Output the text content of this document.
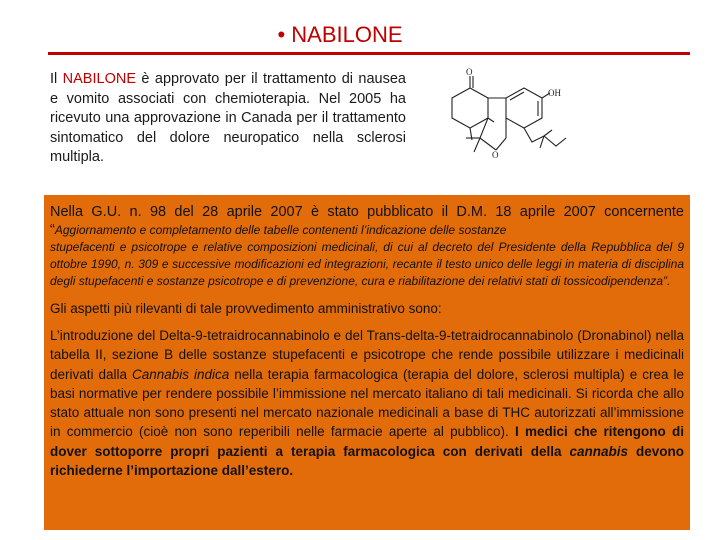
• NABILONE
Il NABILONE è approvato per il trattamento di nausea e vomito associati con chemioterapia. Nel 2005 ha ricevuto una approvazione in Canada per il trattamento sintomatico del dolore neuropatico nella sclerosi multipla.
O
OH
O

Nella G.U. n. 98 del 28 aprile 2007 è stato pubblicato il D.M. 18 aprile 2007 concernente “Aggiornamento e completamento delle tabelle contenenti l’indicazione delle sostanze
stupefacenti e psicotrope e relative composizioni medicinali, di cui al decreto del Presidente della Repubblica del 9 ottobre 1990, n. 309 e successive modificazioni ed integrazioni, recante il testo unico delle leggi in materia di disciplina degli stupefacenti e sostanze psicotrope e di prevenzione, cura e riabilitazione dei relativi stati di tossicodipendenza”.

Gli aspetti più rilevanti di tale provvedimento amministrativo sono:

L’introduzione del Delta-9-tetraidrocannabinolo e del Trans-delta-9-tetraidrocannabinolo (Dronabinol) nella tabella II, sezione B delle sostanze stupefacenti e psicotrope che rende possibile utilizzare i medicinali derivati dalla Cannabis indica nella terapia farmacologica (terapia del dolore, sclerosi multipla) e crea le basi normative per rendere possibile l’immissione nel mercato italiano di tali medicinali. Si ricorda che allo stato attuale non sono presenti nel mercato nazionale medicinali a base di THC autorizzati all’immissione in commercio (cioè non sono reperibili nelle farmacie aperte al pubblico). I medici che ritengono di dover sottoporre propri pazienti a terapia farmacologica con derivati della cannabis devono richiederne l’importazione dall’estero.
